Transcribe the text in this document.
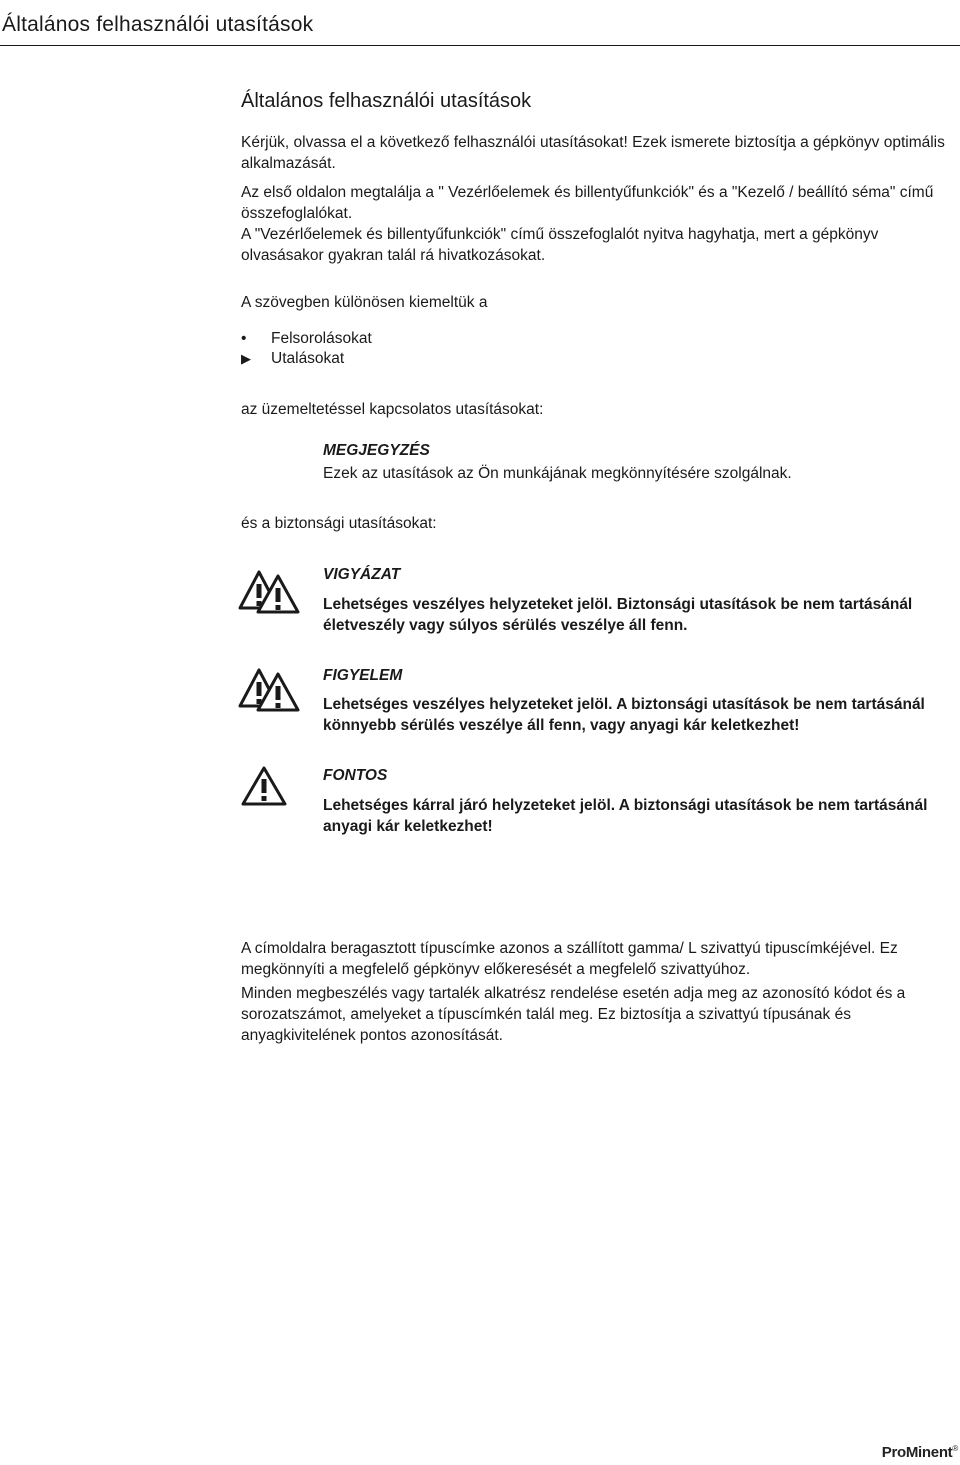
Általános felhasználói utasítások
Általános felhasználói utasítások

Kérjük, olvassa el a következő felhasználói utasításokat! Ezek ismerete biztosítja a gépkönyv optimális alkalmazását.

Az első oldalon megtalálja a " Vezérlőelemek és billentyűfunkciók" és a "Kezelő / beállító séma" című összefoglalókat.

A "Vezérlőelemek és billentyűfunkciók" című összefoglalót nyitva hagyhatja, mert a gépkönyv olvasásakor gyakran talál rá hivatkozásokat.

A szövegben különösen kiemeltük a

•	Felsorolásokat
▶	Utalásokat

az üzemeltetéssel kapcsolatos utasításokat:

MEGJEGYZÉS
Ezek az utasítások az Ön munkájának megkönnyítésére szolgálnak.

és a biztonsági utasításokat:

VIGYÁZAT
Lehetséges veszélyes helyzeteket jelöl. Biztonsági utasítások be nem tartásánál életveszély vagy súlyos sérülés veszélye áll fenn.
FIGYELEM
Lehetséges veszélyes helyzeteket jelöl. A biztonsági utasítások be nem tartásánál könnyebb sérülés veszélye áll fenn, vagy anyagi kár keletkezhet!
FONTOS
Lehetséges kárral járó helyzeteket jelöl. A biztonsági utasítások be nem tartásánál anyagi kár keletkezhet!

A címoldalra beragasztott típuscímke azonos a szállított gamma/ L szivattyú tipuscímkéjével. Ez megkönnyíti a megfelelő gépkönyv előkeresését a megfelelő szivattyúhoz.

Minden megbeszélés vagy tartalék alkatrész rendelése esetén adja meg az azonosító kódot és a sorozatszámot, amelyeket a típuscímkén talál meg. Ez biztosítja a szivattyú típusának és anyagkivitelének pontos azonosítását.

ProMinent®
